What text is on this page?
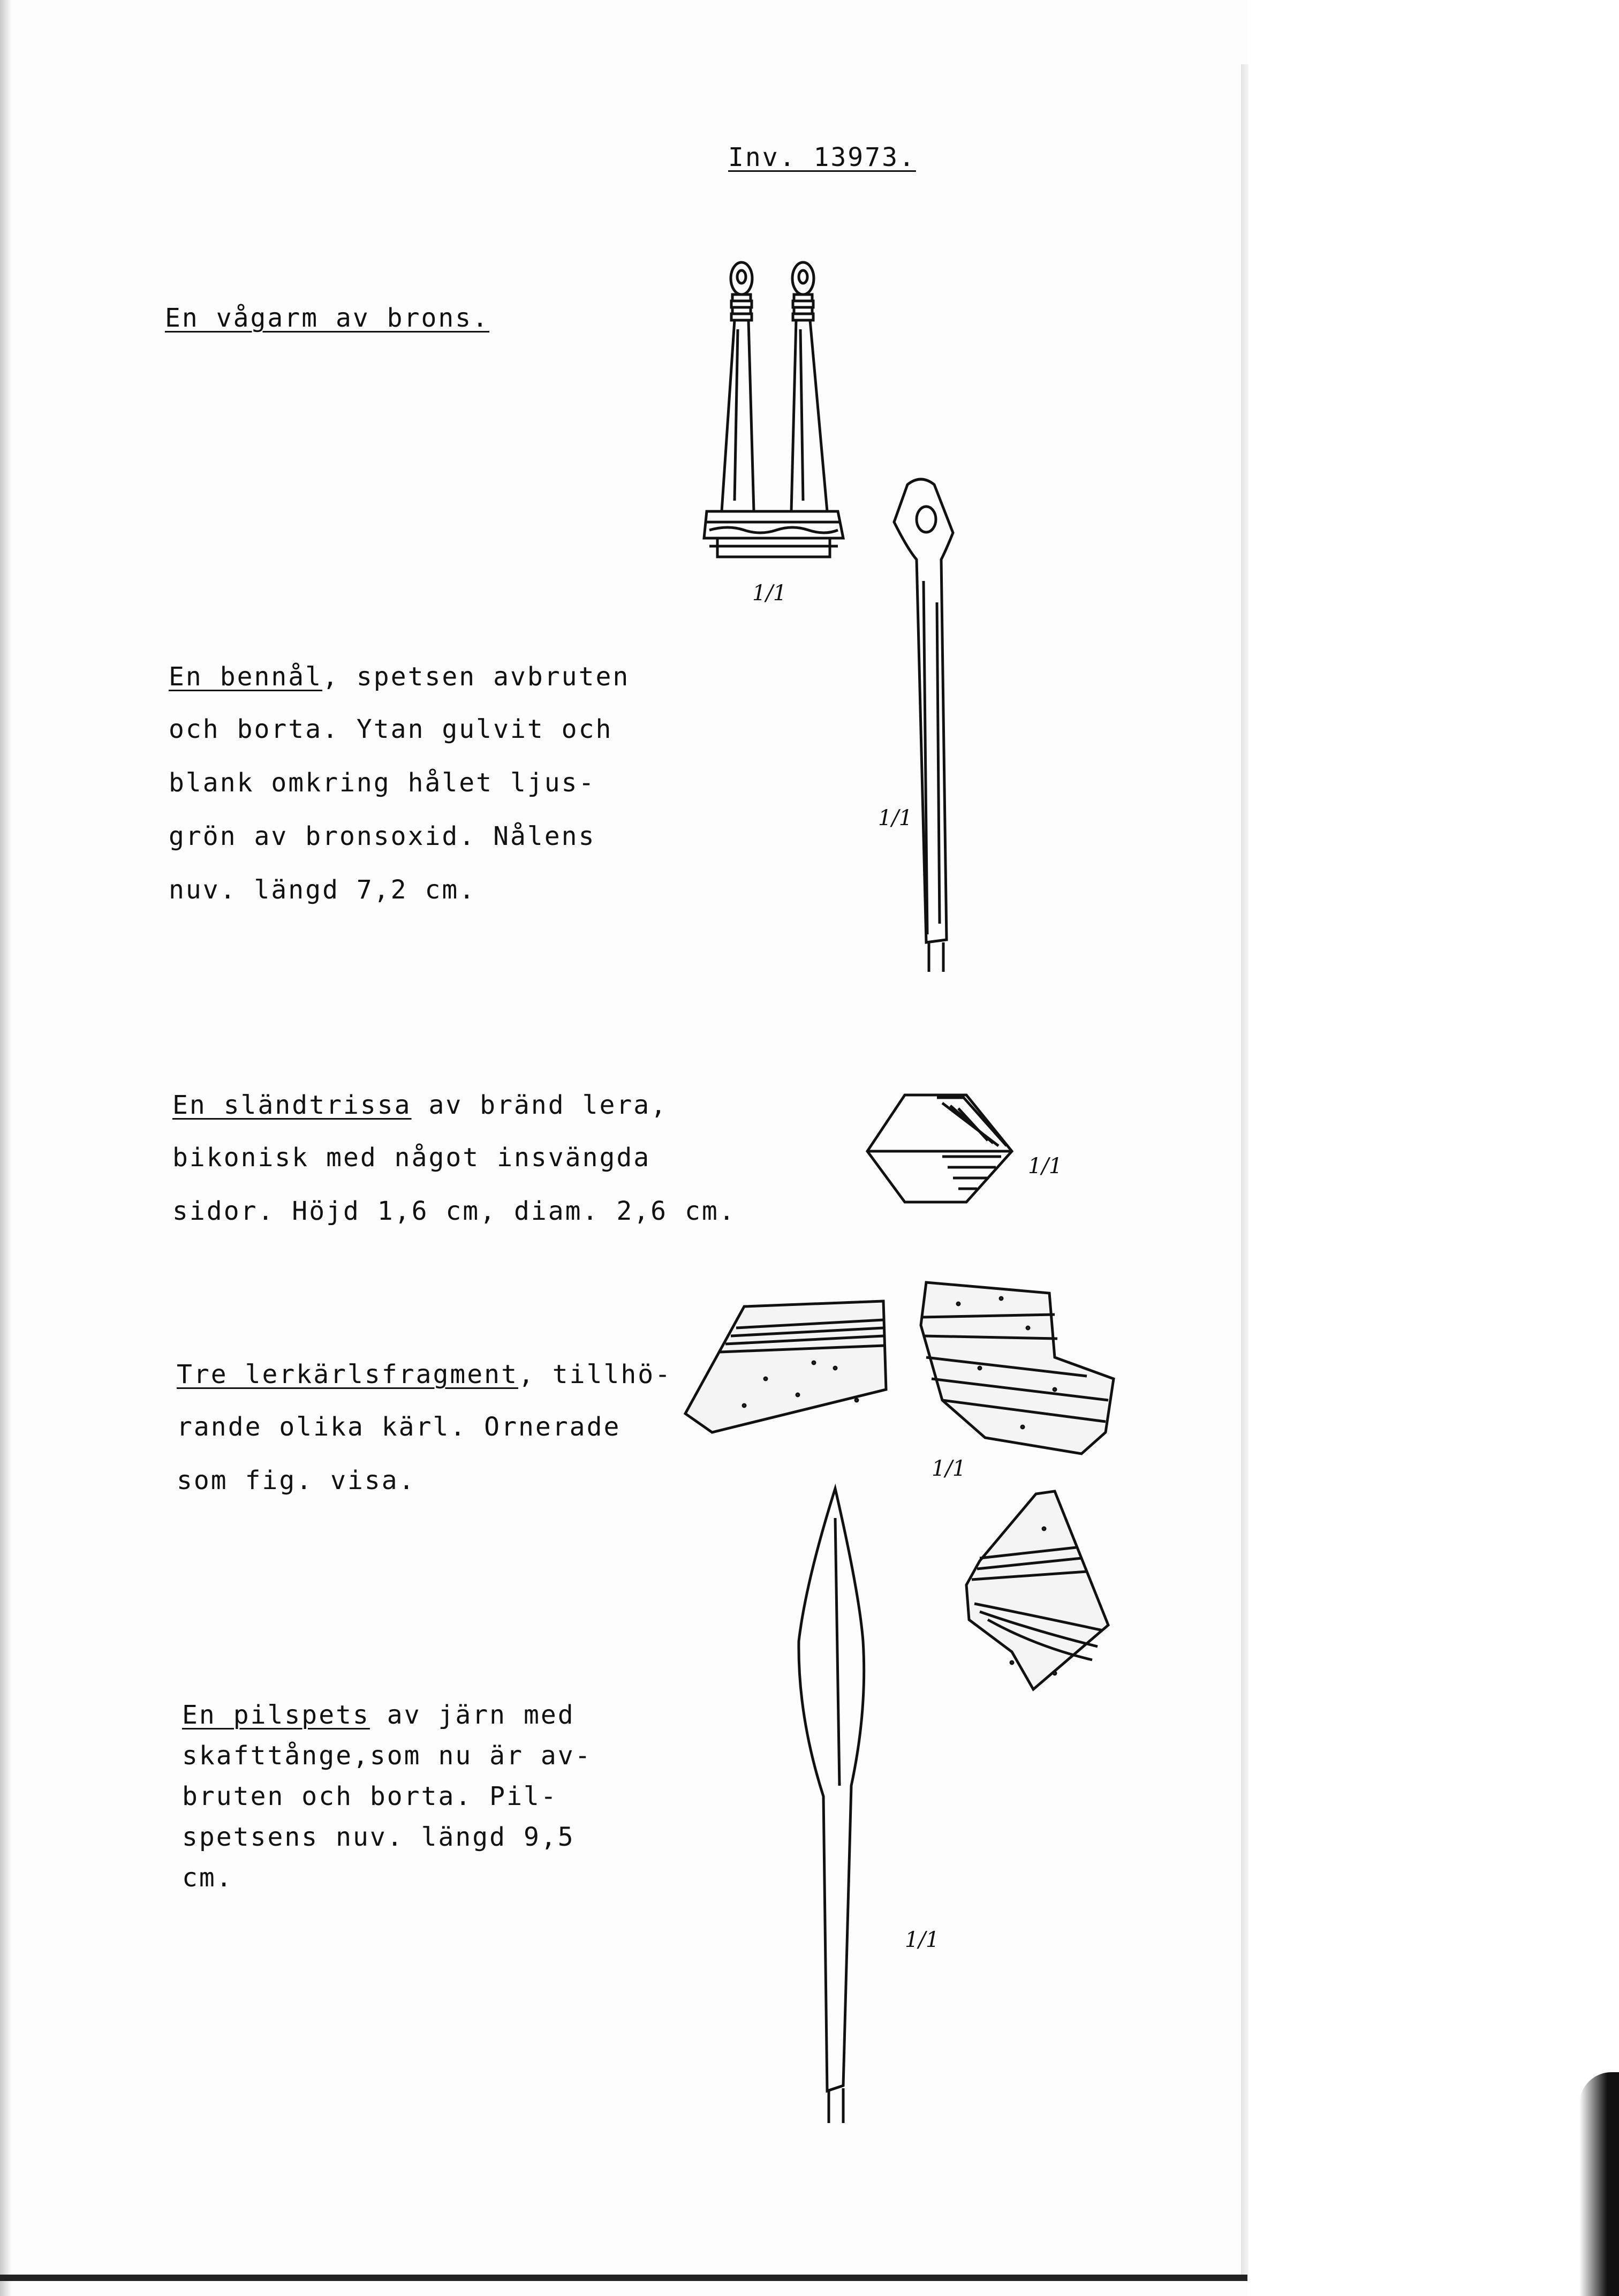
Inv. 13973.
En vågarm av brons.
1/1
En bennål, spetsen avbruten
och borta. Ytan gulvit och
blank omkring hålet ljus-
grön av bronsoxid. Nålens
nuv. längd 7,2 cm.
1/1
En sländtrissa av bränd lera,
bikonisk med något insvängda
sidor. Höjd 1,6 cm, diam. 2,6 cm.
1/1
Tre lerkärlsfragment, tillhö-
rande olika kärl. Ornerade
som fig. visa.	1/1
En pilspets av järn med
skafttånge,som nu är av-
bruten och borta. Pil-
spetsens nuv. längd 9,5
cm.
1/1
